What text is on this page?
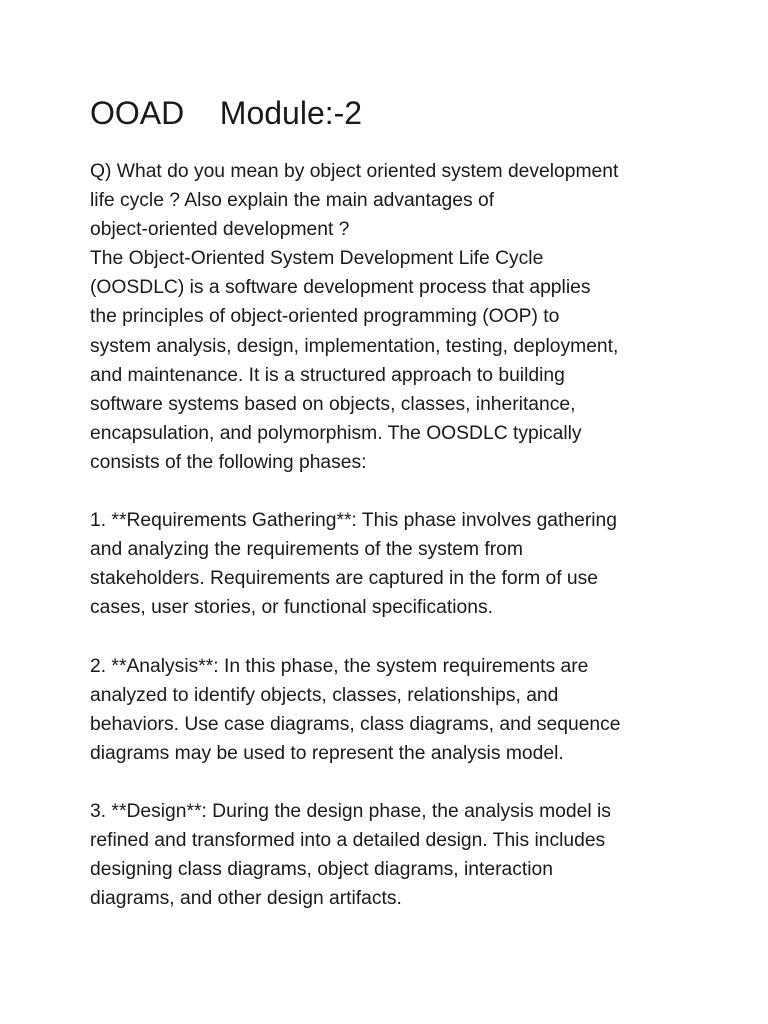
OOAD    Module:-2

Q) What do you mean by object oriented system development

life cycle ? Also explain the main advantages of

object-oriented development ?

The Object-Oriented System Development Life Cycle

(OOSDLC) is a software development process that applies

the principles of object-oriented programming (OOP) to

system analysis, design, implementation, testing, deployment,

and maintenance. It is a structured approach to building

software systems based on objects, classes, inheritance,

encapsulation, and polymorphism. The OOSDLC typically

consists of the following phases:

1. **Requirements Gathering**: This phase involves gathering

and analyzing the requirements of the system from

stakeholders. Requirements are captured in the form of use

cases, user stories, or functional specifications.

2. **Analysis**: In this phase, the system requirements are

analyzed to identify objects, classes, relationships, and

behaviors. Use case diagrams, class diagrams, and sequence

diagrams may be used to represent the analysis model.

3. **Design**: During the design phase, the analysis model is

refined and transformed into a detailed design. This includes

designing class diagrams, object diagrams, interaction

diagrams, and other design artifacts.
